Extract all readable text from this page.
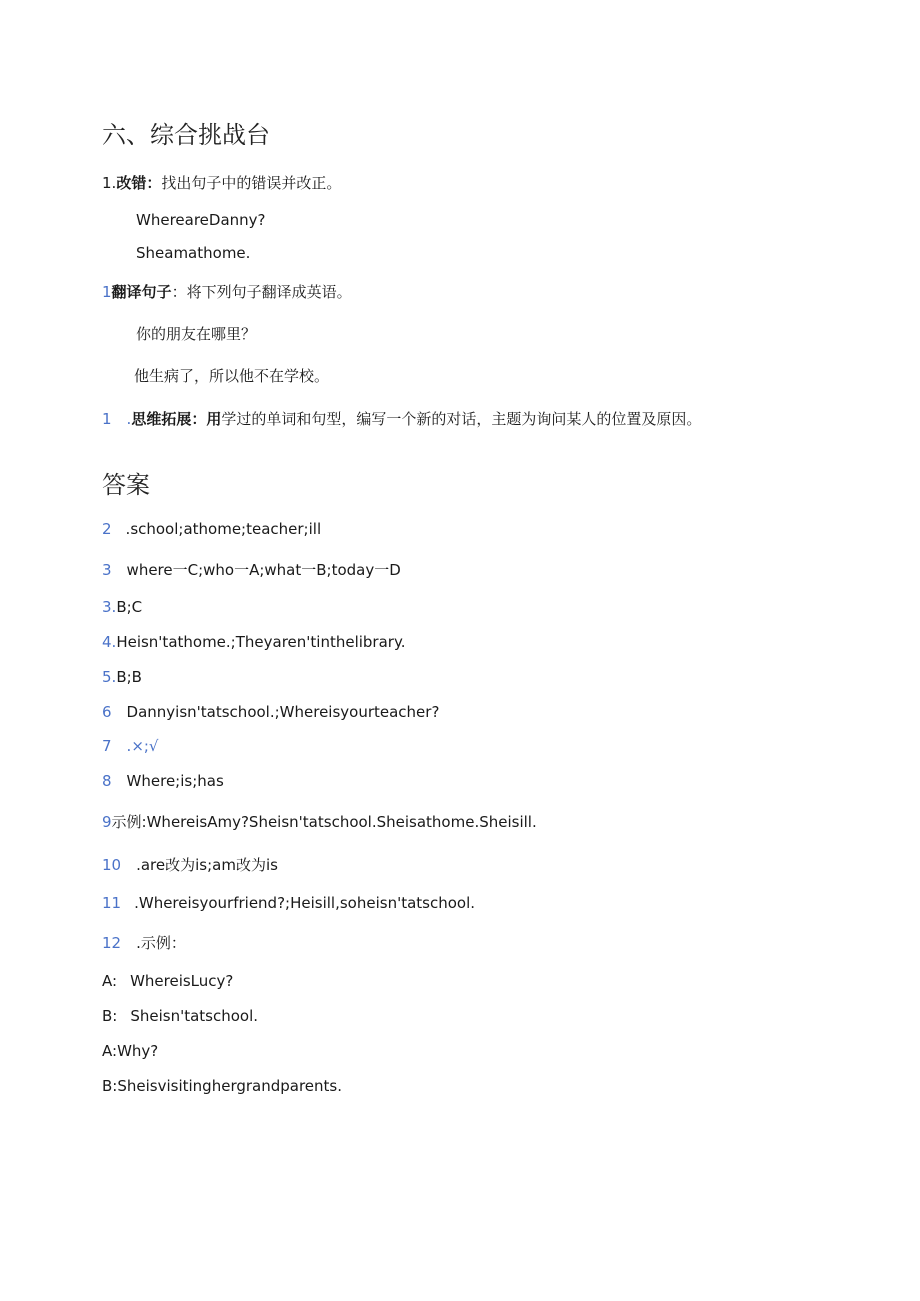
六、综合挑战台
1.改错：找出句子中的错误并改正。
WhereareDanny?
Sheamathome.
1翻译句子：将下列句子翻译成英语。
你的朋友在哪里？
他生病了，所以他不在学校。
1 .思维拓展：用学过的单词和句型，编写一个新的对话，主题为询问某人的位置及原因。
答案
2 .school;athome;teacher;ill
3 where一C;who一A;what一B;today一D
3.B;C
4.Heisn'tathome.;Theyaren'tinthelibrary.
5.B;B
6 Dannyisn'tatschool.;Whereisyourteacher?
7 .×;√
8 Where;is;has
9示例:WhereisAmy?Sheisn'tatschool.Sheisathome.Sheisill.
10 .are改为is;am改为is
11 .Whereisyourfriend?;Heisill,soheisn'tatschool.
12 .示例：
A: WhereisLucy?
B: Sheisn'tatschool.
A:Why?
B:Sheisvisitinghergrandparents.
